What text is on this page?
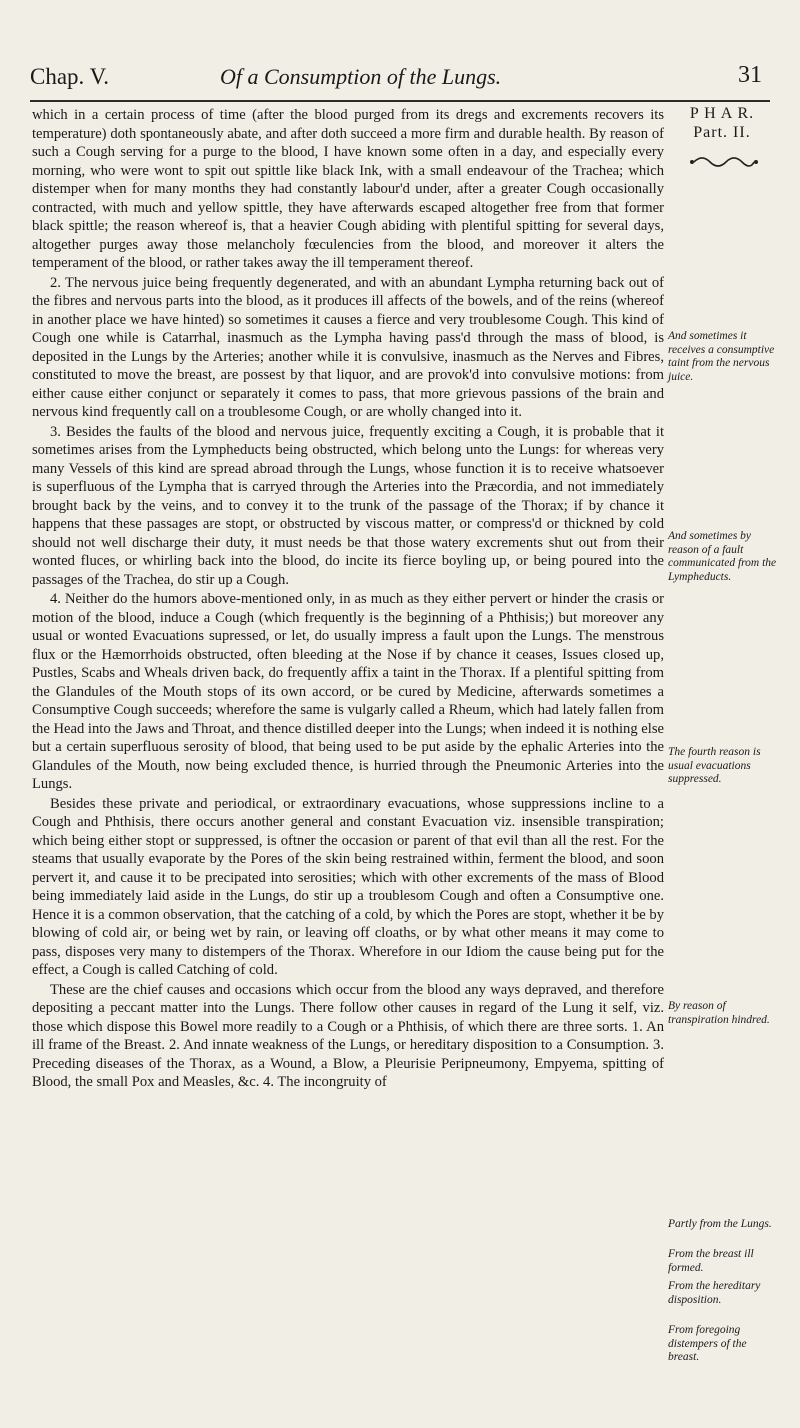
Chap. V.	Of a Consumption of the Lungs.	31
P H A R.
Part. II.

which in a certain process of time (after the blood purged from its dregs and excrements recovers its temperature) doth spontaneously abate, and after doth succeed a more firm and durable health. By reason of such a Cough serving for a purge to the blood, I have known some often in a day, and especially every morning, who were wont to spit out spittle like black Ink, with a small endeavour of the Trachea; which distemper when for many months they had constantly labour'd under, after a greater Cough occasionally contracted, with much and yellow spittle, they have afterwards escaped altogether free from that former black spittle; the reason whereof is, that a heavier Cough abiding with plentiful spitting for several days, altogether purges away those melancholy fœculencies from the blood, and moreover it alters the temperament of the blood, or rather takes away the ill temperament thereof.

2. The nervous juice being frequently degenerated, and with an abundant Lympha returning back out of the fibres and nervous parts into the blood, as it produces ill affects of the bowels, and of the reins (whereof in another place we have hinted) so sometimes it causes a fierce and very troublesome Cough. This kind of Cough one while is Catarrhal, inasmuch as the Lympha having pass'd through the mass of blood, is deposited in the Lungs by the Arteries; another while it is convulsive, inasmuch as the Nerves and Fibres, constituted to move the breast, are possest by that liquor, and are provok'd into convulsive motions: from either cause either conjunct or separately it comes to pass, that more grievous passions of the brain and nervous kind frequently call on a troublesome Cough, or are wholly changed into it.

3. Besides the faults of the blood and nervous juice, frequently exciting a Cough, it is probable that it sometimes arises from the Lympheducts being obstructed, which belong unto the Lungs: for whereas very many Vessels of this kind are spread abroad through the Lungs, whose function it is to receive whatsoever is superfluous of the Lympha that is carryed through the Arteries into the Præcordia, and not immediately brought back by the veins, and to convey it to the trunk of the passage of the Thorax; if by chance it happens that these passages are stopt, or obstructed by viscous matter, or compress'd or thickned by cold should not well discharge their duty, it must needs be that those watery excrements shut out from their wonted fluces, or whirling back into the blood, do incite its fierce boyling up, or being poured into the passages of the Trachea, do stir up a Cough.

4. Neither do the humors above-mentioned only, in as much as they either pervert or hinder the crasis or motion of the blood, induce a Cough (which frequently is the beginning of a Phthisis;) but moreover any usual or wonted Evacuations supressed, or let, do usually impress a fault upon the Lungs. The menstrous flux or the Hæmorrhoids obstructed, often bleeding at the Nose if by chance it ceases, Issues closed up, Pustles, Scabs and Wheals driven back, do frequently affix a taint in the Thorax. If a plentiful spitting from the Glandules of the Mouth stops of its own accord, or be cured by Medicine, afterwards sometimes a Consumptive Cough succeeds; wherefore the same is vulgarly called a Rheum, which had lately fallen from the Head into the Jaws and Throat, and thence distilled deeper into the Lungs; when indeed it is nothing else but a certain superfluous serosity of blood, that being used to be put aside by the ephalic Arteries into the Glandules of the Mouth, now being excluded thence, is hurried through the Pneumonic Arteries into the Lungs.

Besides these private and periodical, or extraordinary evacuations, whose suppressions incline to a Cough and Phthisis, there occurs another general and constant Evacuation viz. insensible transpiration; which being either stopt or suppressed, is oftner the occasion or parent of that evil than all the rest. For the steams that usually evaporate by the Pores of the skin being restrained within, ferment the blood, and soon pervert it, and cause it to be precipated into serosities; which with other excrements of the mass of Blood being immediately laid aside in the Lungs, do stir up a troublesom Cough and often a Consumptive one. Hence it is a common observation, that the catching of a cold, by which the Pores are stopt, whether it be by blowing of cold air, or being wet by rain, or leaving off cloaths, or by what other means it may come to pass, disposes very many to distempers of the Thorax. Wherefore in our Idiom the cause being put for the effect, a Cough is called Catching of cold.

These are the chief causes and occasions which occur from the blood any ways depraved, and therefore depositing a peccant matter into the Lungs. There follow other causes in regard of the Lung it self, viz. those which dispose this Bowel more readily to a Cough or a Phthisis, of which there are three sorts. 1. An ill frame of the Breast. 2. And innate weakness of the Lungs, or hereditary disposition to a Consumption. 3. Preceding diseases of the Thorax, as a Wound, a Blow, a Pleurisie Peripneumony, Empyema, spitting of Blood, the small Pox and Measles, &c. 4. The incongruity of

And sometimes it receives a consumptive taint from the nervous juice.
And sometimes by reason of a fault communicated from the Lympheducts.
The fourth reason is usual evacuations suppressed.
By reason of transpiration hindred.
Partly from the Lungs.
From the breast ill formed.
From the hereditary disposition.
From foregoing distempers of the breast.
